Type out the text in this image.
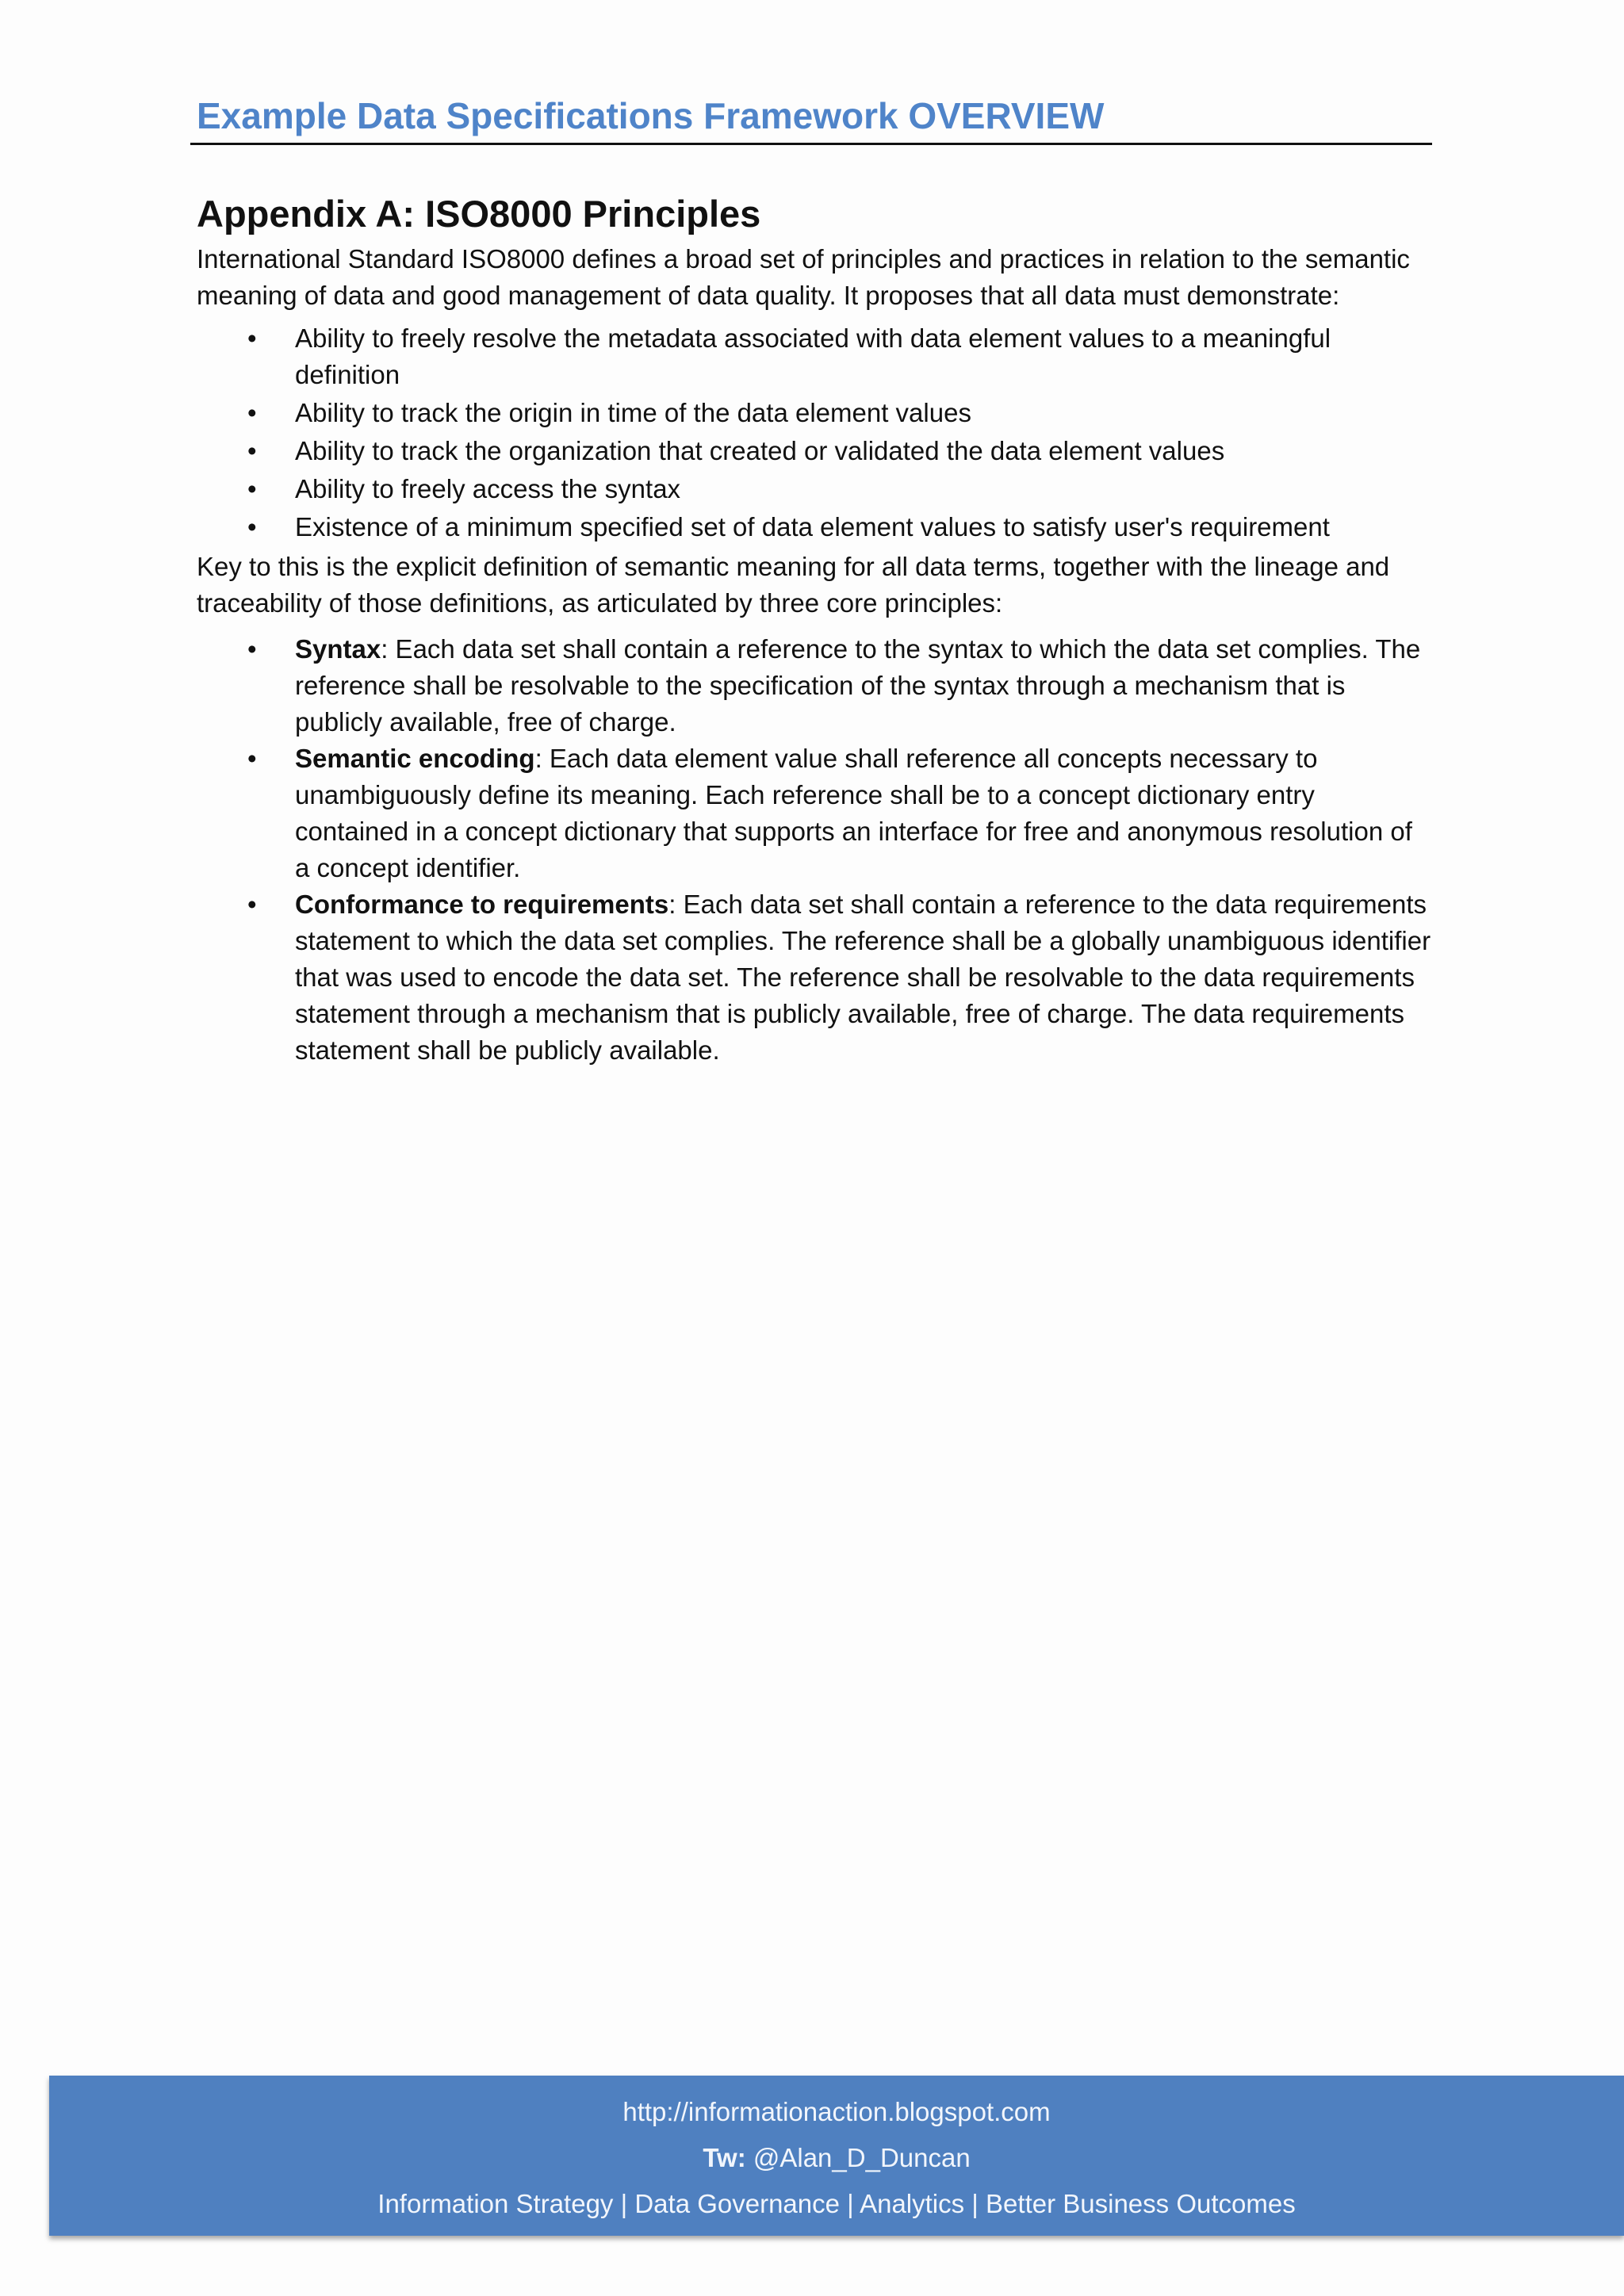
Example Data Specifications Framework OVERVIEW
Appendix A: ISO8000 Principles

International Standard ISO8000 defines a broad set of principles and practices in relation to the semantic meaning of data and good management of data quality. It proposes that all data must demonstrate:

• Ability to freely resolve the metadata associated with data element values to a meaningful definition
• Ability to track the origin in time of the data element values
• Ability to track the organization that created or validated the data element values
• Ability to freely access the syntax
• Existence of a minimum specified set of data element values to satisfy user's requirement

Key to this is the explicit definition of semantic meaning for all data terms, together with the lineage and traceability of those definitions, as articulated by three core principles:

• Syntax: Each data set shall contain a reference to the syntax to which the data set complies. The reference shall be resolvable to the specification of the syntax through a mechanism that is publicly available, free of charge.
• Semantic encoding: Each data element value shall reference all concepts necessary to unambiguously define its meaning. Each reference shall be to a concept dictionary entry contained in a concept dictionary that supports an interface for free and anonymous resolution of a concept identifier.
• Conformance to requirements: Each data set shall contain a reference to the data requirements statement to which the data set complies. The reference shall be a globally unambiguous identifier that was used to encode the data set. The reference shall be resolvable to the data requirements statement through a mechanism that is publicly available, free of charge. The data requirements statement shall be publicly available.
http://informationaction.blogspot.com
Tw: @Alan_D_Duncan
Information Strategy | Data Governance | Analytics | Better Business Outcomes
